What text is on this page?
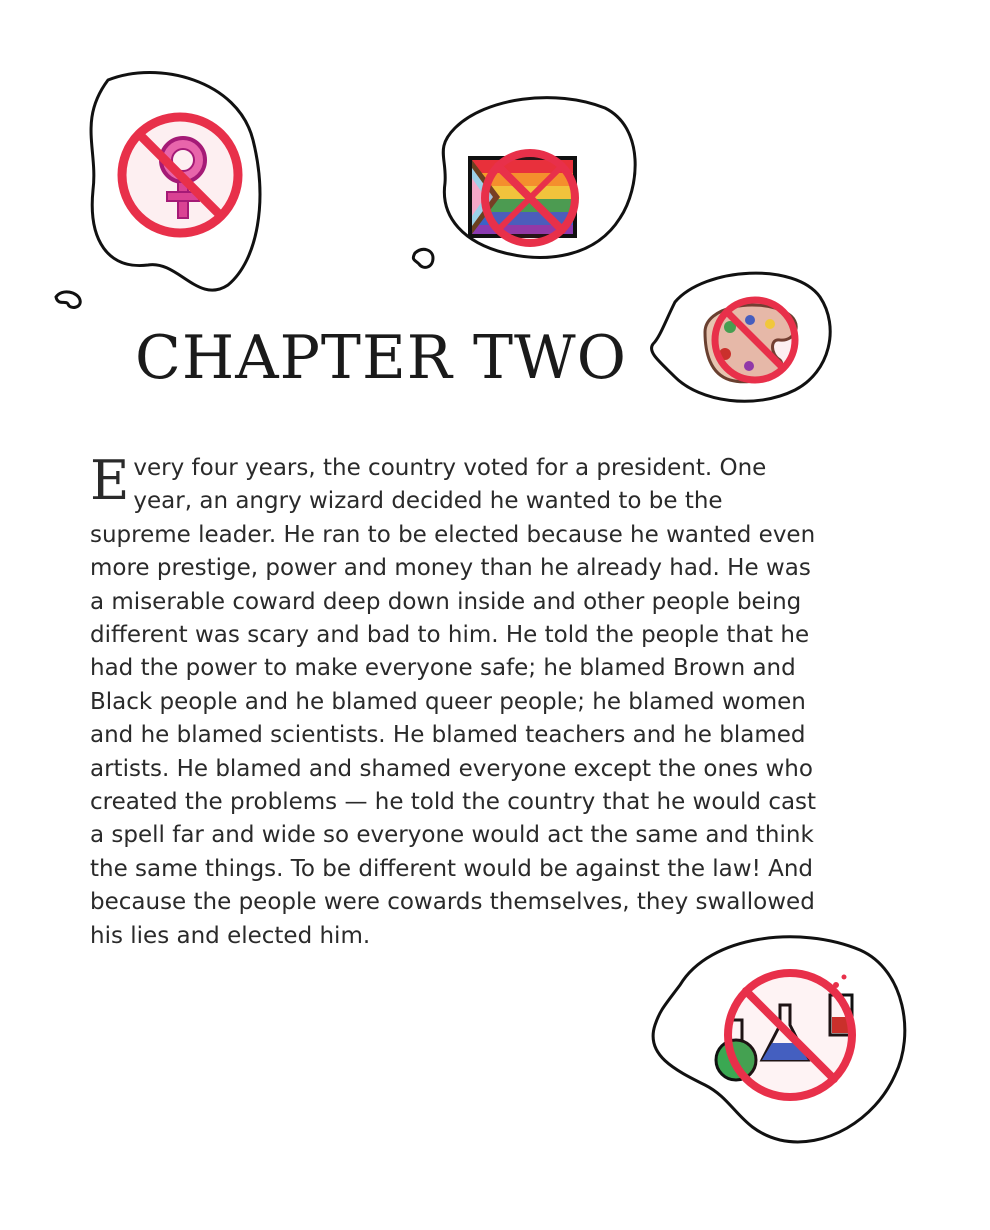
CHAPTER TWO

Every four years, the country voted for a president. One year, an angry wizard decided he wanted to be the supreme leader. He ran to be elected because he wanted even more prestige, power and money than he already had. He was a miserable coward deep down inside and other people being different was scary and bad to him. He told the people that he had the power to make everyone safe; he blamed Brown and Black people and he blamed queer people; he blamed women and he blamed scientists. He blamed teachers and he blamed artists. He blamed and shamed everyone except the ones who created the problems — he told the country that he would cast a spell far and wide so everyone would act the same and think the same things. To be different would be against the law! And because the people were cowards themselves, they swallowed his lies and elected him.
